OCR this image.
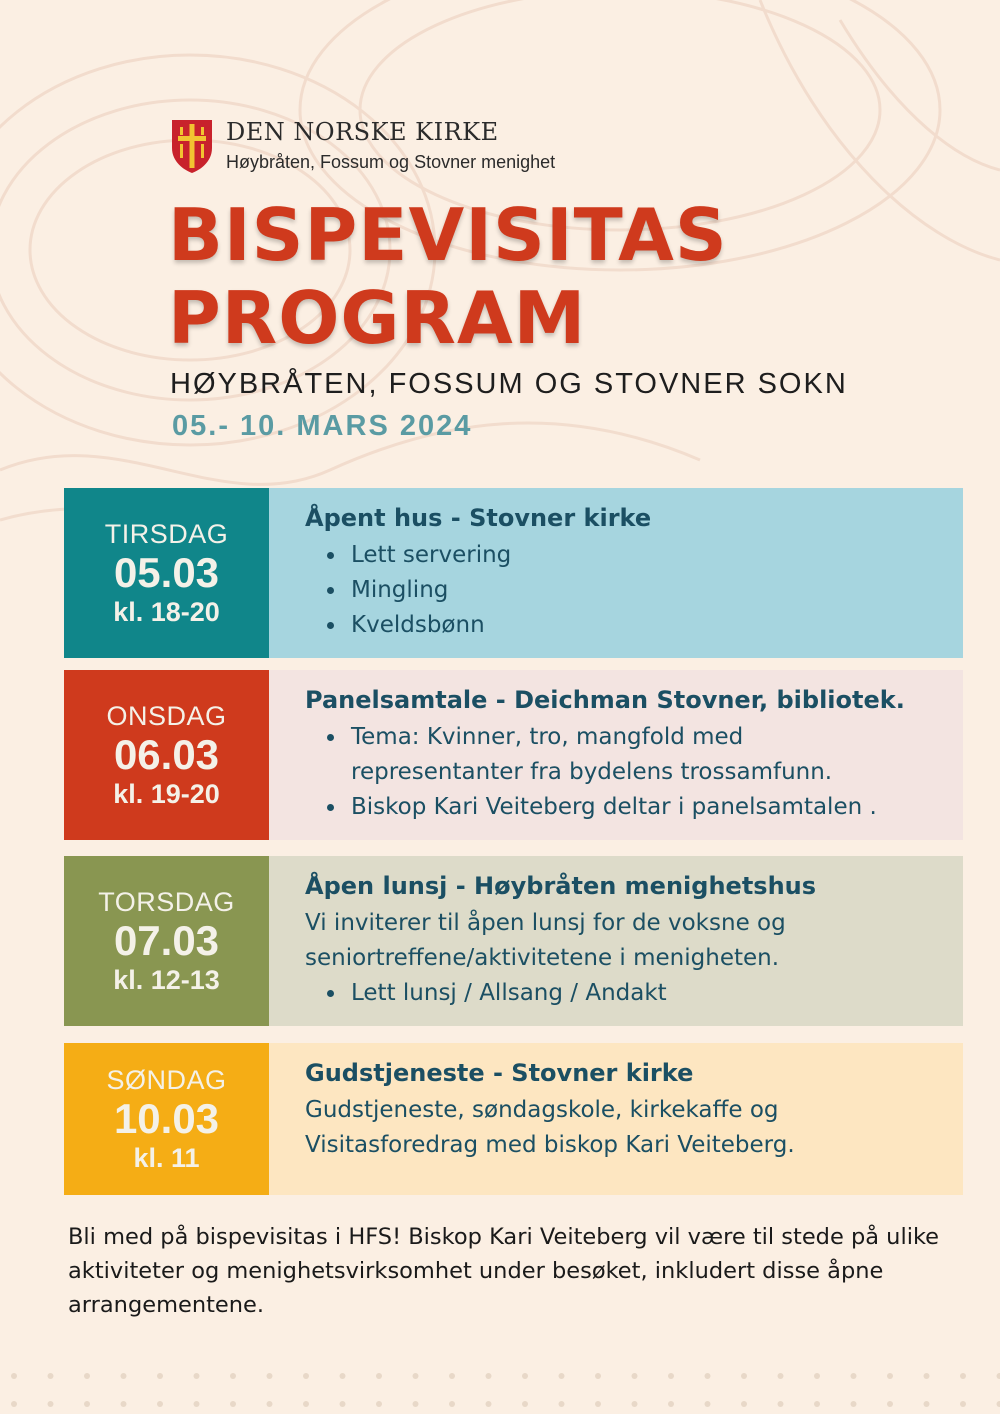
DEN NORSKE KIRKE
Høybråten, Fossum og Stovner menighet
BISPEVISITAS
PROGRAM
HØYBRÅTEN, FOSSUM OG STOVNER SOKN
05.- 10. MARS 2024
TIRSDAG
05.03
kl. 18-20
Åpent hus - Stovner kirke
• Lett servering
• Mingling
• Kveldsbønn
ONSDAG
06.03
kl. 19-20
Panelsamtale - Deichman Stovner, bibliotek.
• Tema: Kvinner, tro, mangfold med representanter fra bydelens trossamfunn.
• Biskop Kari Veiteberg deltar i panelsamtalen .
TORSDAG
07.03
kl. 12-13
Åpen lunsj - Høybråten menighetshus
Vi inviterer til åpen lunsj for de voksne og seniortreffene/aktivitetene i menigheten.
• Lett lunsj / Allsang / Andakt
SØNDAG
10.03
kl. 11
Gudstjeneste - Stovner kirke
Gudstjeneste, søndagskole, kirkekaffe og Visitasforedrag med biskop Kari Veiteberg.
Bli med på bispevisitas i HFS! Biskop Kari Veiteberg vil være til stede på ulike aktiviteter og menighetsvirksomhet under besøket, inkludert disse åpne arrangementene.
